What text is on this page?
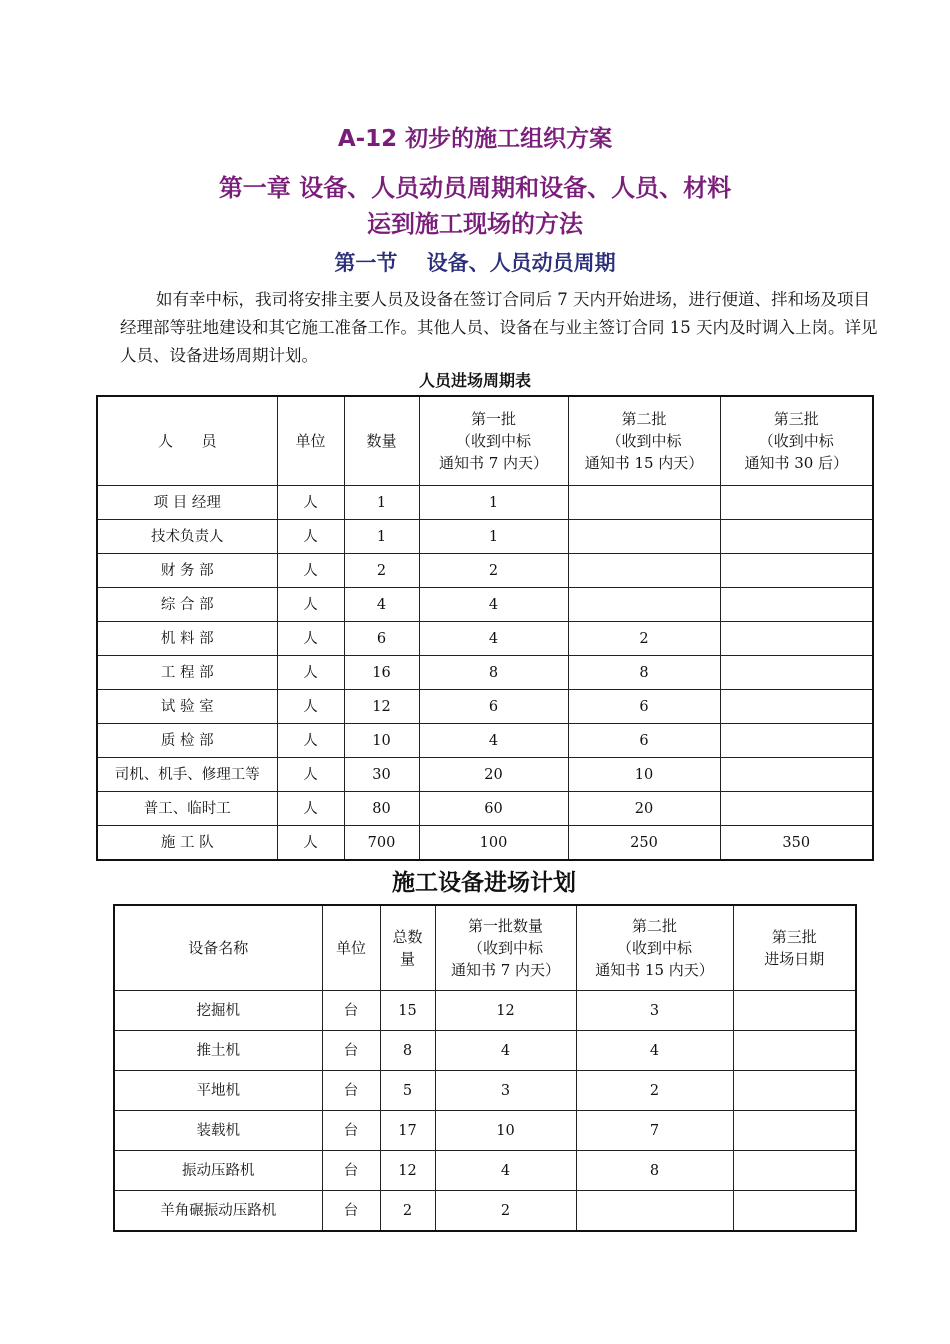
A-12 初步的施工组织方案
第一章 设备、人员动员周期和设备、人员、材料
运到施工现场的方法
第一节    设备、人员动员周期

如有幸中标，我司将安排主要人员及设备在签订合同后 7 天内开始进场，进行便道、拌和场及项目经理部等驻地建设和其它施工准备工作。其他人员、设备在与业主签订合同 15 天内及时调入上岗。详见人员、设备进场周期计划。

人员进场周期表
人      员	单位	数量	第一批
（收到中标
通知书 7 内天）	第二批
（收到中标
通知书 15 内天）	第三批
（收到中标
通知书 30 后）
项 目 经理	人	1	1		
技术负责人	人	1	1		
财 务 部	人	2	2		
综 合 部	人	4	4		
机 料 部	人	6	4	2	
工 程 部	人	16	8	8	
试 验 室	人	12	6	6	
质 检 部	人	10	4	6	
司机、机手、修理工等	人	30	20	10	
普工、临时工	人	80	60	20	
施 工 队	人	700	100	250	350
施工设备进场计划
设备名称	单位	总数
量	第一批数量
（收到中标
通知书 7 内天）	第二批
（收到中标
通知书 15 内天）	第三批
进场日期
挖掘机	台	15	12	3	
推土机	台	8	4	4	
平地机	台	5	3	2	
装载机	台	17	10	7	
振动压路机	台	12	4	8	
羊角碾振动压路机	台	2	2		
